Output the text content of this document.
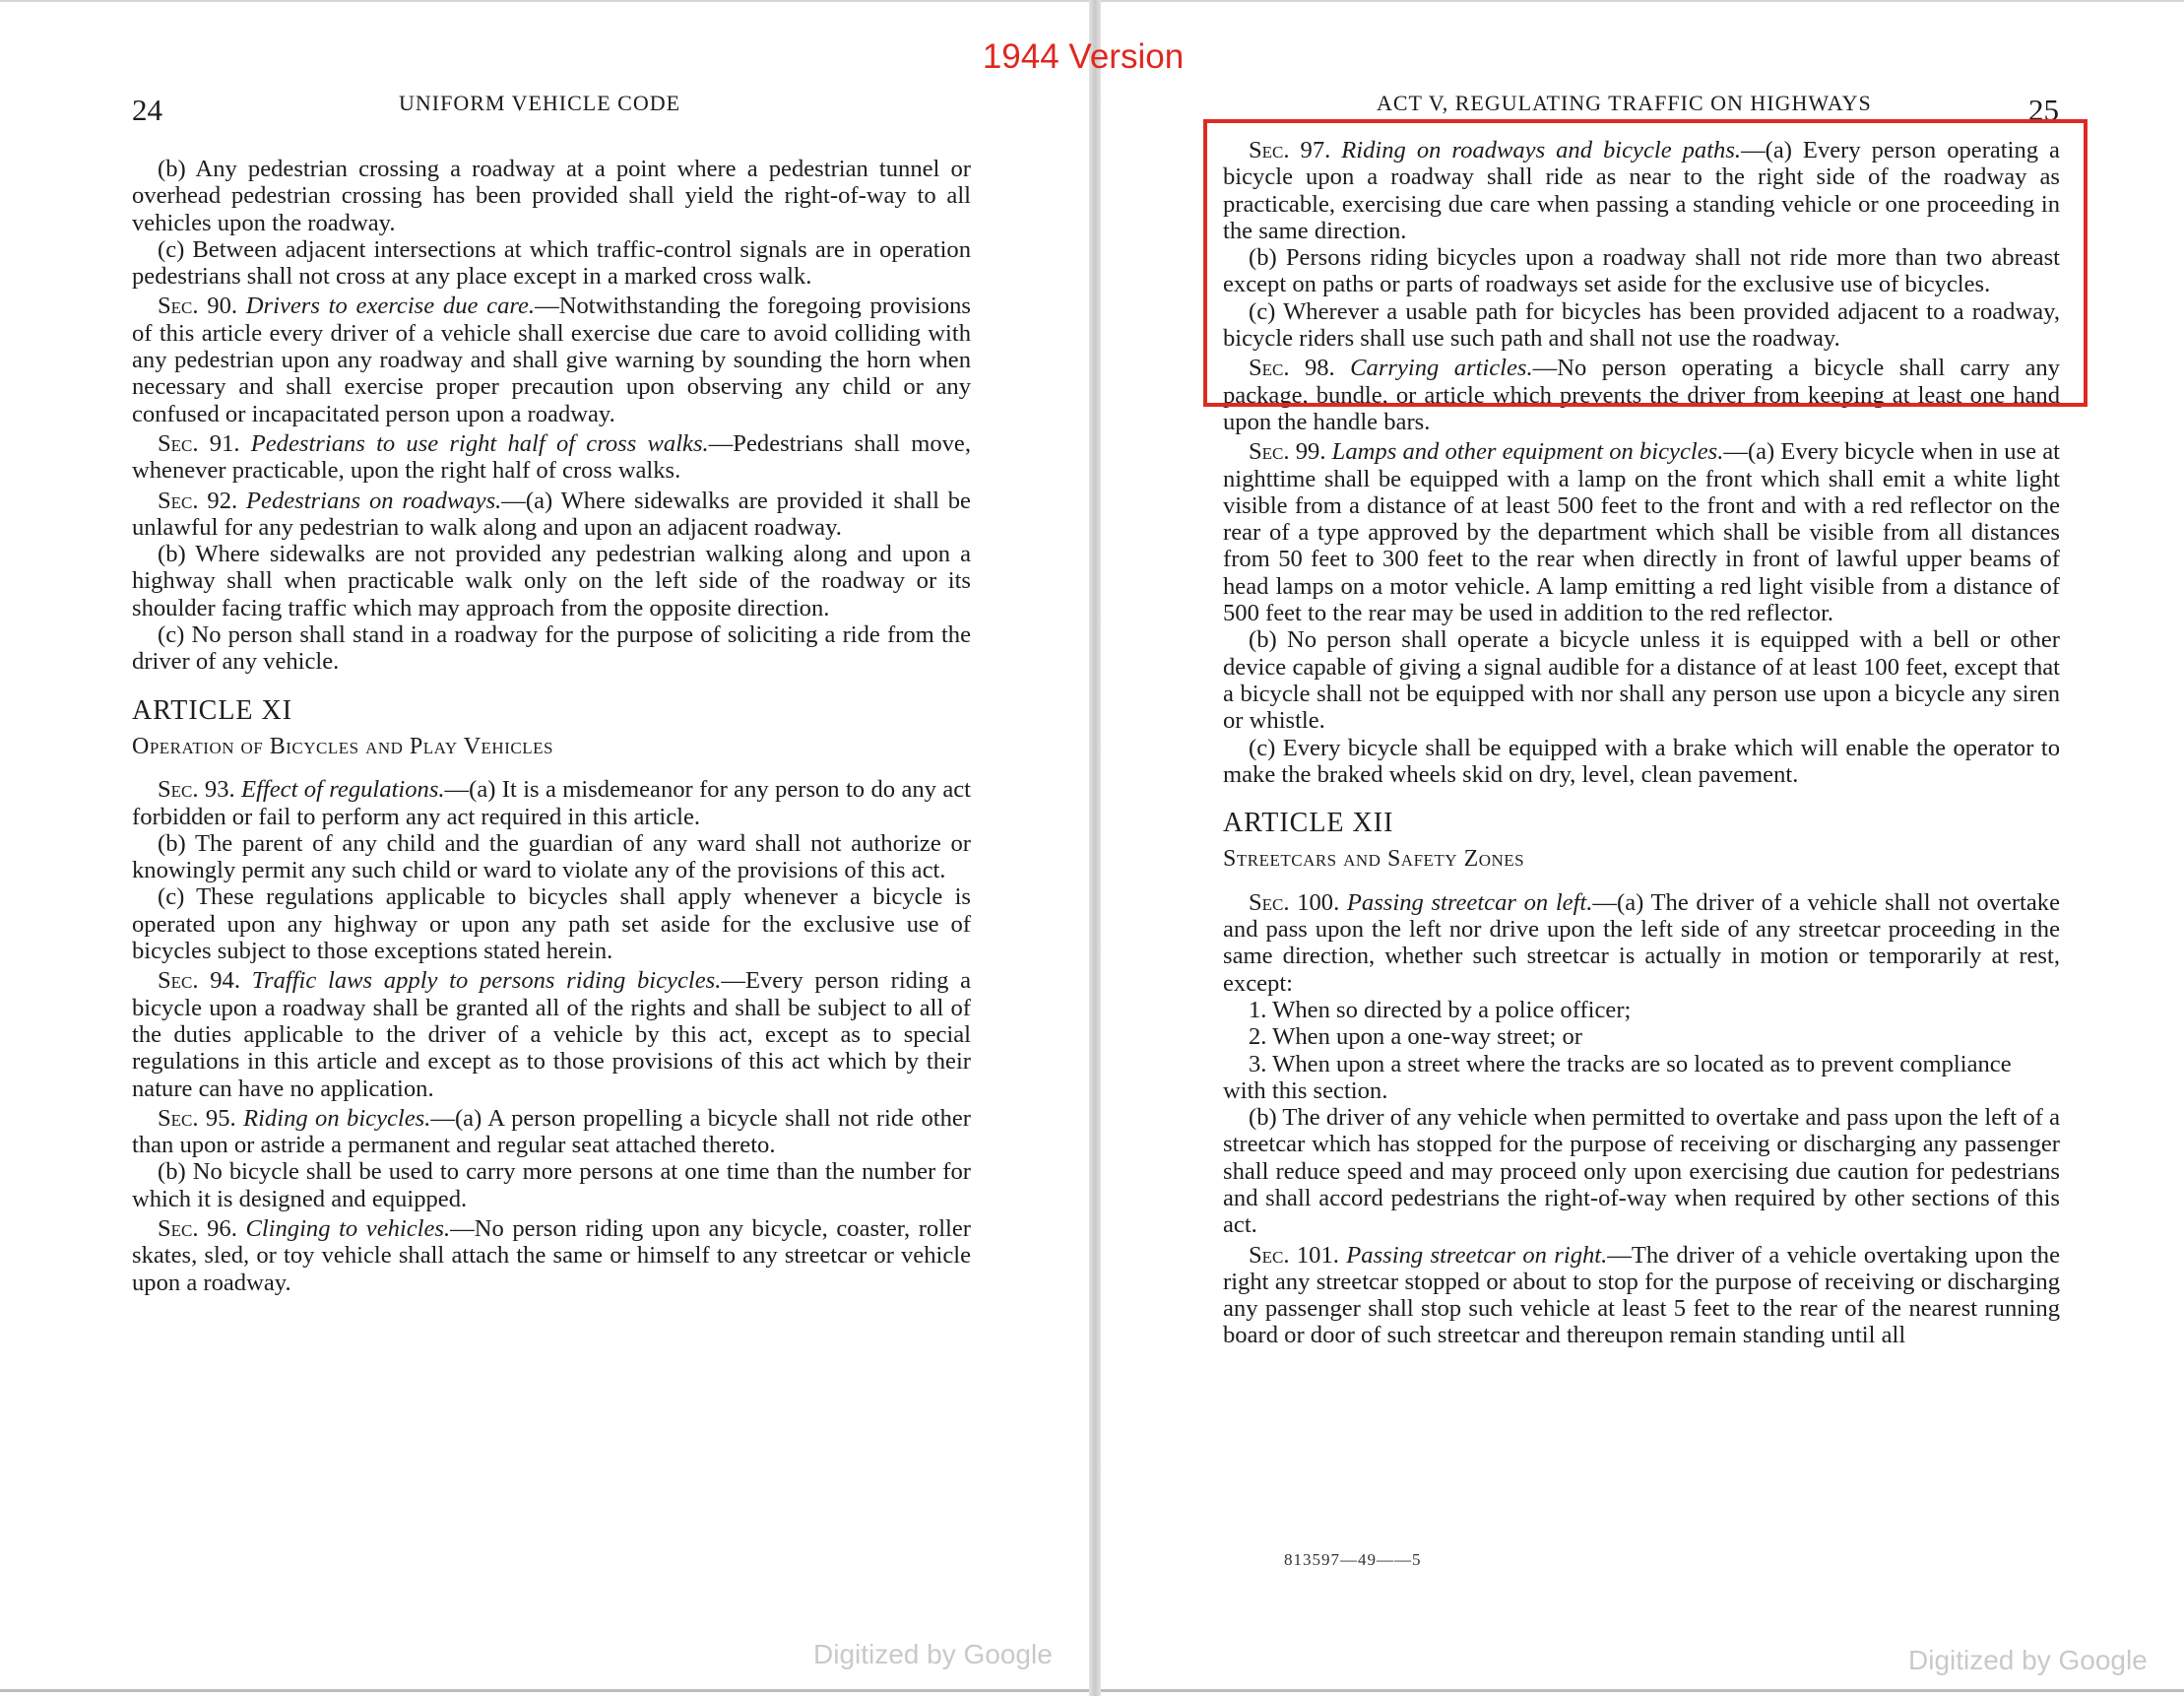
1944 Version
24	UNIFORM VEHICLE CODE	25
ACT V, REGULATING TRAFFIC ON HIGHWAYS

(b) Any pedestrian crossing a roadway at a point where a pedestrian tunnel or overhead pedestrian crossing has been provided shall yield the right-of-way to all vehicles upon the roadway.

(c) Between adjacent intersections at which traffic-control signals are in operation pedestrians shall not cross at any place except in a marked cross walk.

Sec. 90. Drivers to exercise due care.—Notwithstanding the foregoing provisions of this article every driver of a vehicle shall exercise due care to avoid colliding with any pedestrian upon any roadway and shall give warning by sounding the horn when necessary and shall exercise proper precaution upon observing any child or any confused or incapacitated person upon a roadway.

Sec. 91. Pedestrians to use right half of cross walks.—Pedestrians shall move, whenever practicable, upon the right half of cross walks.

Sec. 92. Pedestrians on roadways.—(a) Where sidewalks are provided it shall be unlawful for any pedestrian to walk along and upon an adjacent roadway.

(b) Where sidewalks are not provided any pedestrian walking along and upon a highway shall when practicable walk only on the left side of the roadway or its shoulder facing traffic which may approach from the opposite direction.

(c) No person shall stand in a roadway for the purpose of soliciting a ride from the driver of any vehicle.

ARTICLE XI

Operation of Bicycles and Play Vehicles

Sec. 93. Effect of regulations.—(a) It is a misdemeanor for any person to do any act forbidden or fail to perform any act required in this article.

(b) The parent of any child and the guardian of any ward shall not authorize or knowingly permit any such child or ward to violate any of the provisions of this act.

(c) These regulations applicable to bicycles shall apply whenever a bicycle is operated upon any highway or upon any path set aside for the exclusive use of bicycles subject to those exceptions stated herein.

Sec. 94. Traffic laws apply to persons riding bicycles.—Every person riding a bicycle upon a roadway shall be granted all of the rights and shall be subject to all of the duties applicable to the driver of a vehicle by this act, except as to special regulations in this article and except as to those provisions of this act which by their nature can have no application.

Sec. 95. Riding on bicycles.—(a) A person propelling a bicycle shall not ride other than upon or astride a permanent and regular seat attached thereto.

(b) No bicycle shall be used to carry more persons at one time than the number for which it is designed and equipped.

Sec. 96. Clinging to vehicles.—No person riding upon any bicycle, coaster, roller skates, sled, or toy vehicle shall attach the same or himself to any streetcar or vehicle upon a roadway.

Sec. 97. Riding on roadways and bicycle paths.—(a) Every person operating a bicycle upon a roadway shall ride as near to the right side of the roadway as practicable, exercising due care when passing a standing vehicle or one proceeding in the same direction.

(b) Persons riding bicycles upon a roadway shall not ride more than two abreast except on paths or parts of roadways set aside for the exclusive use of bicycles.

(c) Wherever a usable path for bicycles has been provided adjacent to a roadway, bicycle riders shall use such path and shall not use the roadway.

Sec. 98. Carrying articles.—No person operating a bicycle shall carry any package, bundle, or article which prevents the driver from keeping at least one hand upon the handle bars.

Sec. 99. Lamps and other equipment on bicycles.—(a) Every bicycle when in use at nighttime shall be equipped with a lamp on the front which shall emit a white light visible from a distance of at least 500 feet to the front and with a red reflector on the rear of a type approved by the department which shall be visible from all distances from 50 feet to 300 feet to the rear when directly in front of lawful upper beams of head lamps on a motor vehicle. A lamp emitting a red light visible from a distance of 500 feet to the rear may be used in addition to the red reflector.

(b) No person shall operate a bicycle unless it is equipped with a bell or other device capable of giving a signal audible for a distance of at least 100 feet, except that a bicycle shall not be equipped with nor shall any person use upon a bicycle any siren or whistle.

(c) Every bicycle shall be equipped with a brake which will enable the operator to make the braked wheels skid on dry, level, clean pavement.

ARTICLE XII

Streetcars and Safety Zones

Sec. 100. Passing streetcar on left.—(a) The driver of a vehicle shall not overtake and pass upon the left nor drive upon the left side of any streetcar proceeding in the same direction, whether such streetcar is actually in motion or temporarily at rest, except:

1. When so directed by a police officer;

2. When upon a one-way street; or

3. When upon a street where the tracks are so located as to prevent compliance with this section.

(b) The driver of any vehicle when permitted to overtake and pass upon the left of a streetcar which has stopped for the purpose of receiving or discharging any passenger shall reduce speed and may proceed only upon exercising due caution for pedestrians and shall accord pedestrians the right-of-way when required by other sections of this act.

Sec. 101. Passing streetcar on right.—The driver of a vehicle overtaking upon the right any streetcar stopped or about to stop for the purpose of receiving or discharging any passenger shall stop such vehicle at least 5 feet to the rear of the nearest running board or door of such streetcar and thereupon remain standing until all

813597—49——5
Digitized by Google	Digitized by Google
